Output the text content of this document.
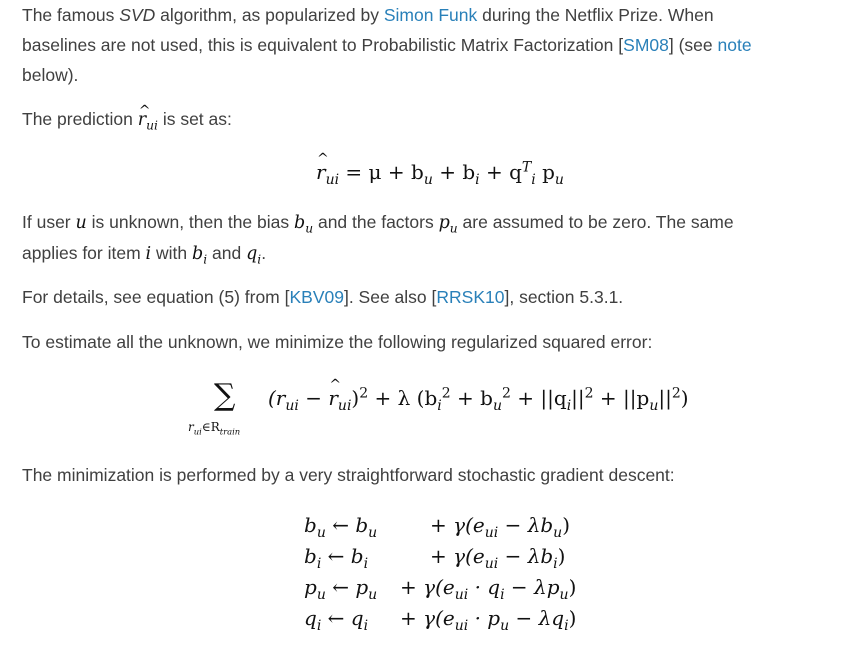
The famous SVD algorithm, as popularized by Simon Funk during the Netflix Prize. When
baselines are not used, this is equivalent to Probabilistic Matrix Factorization [SM08] (see note
below).

The prediction ^ $r_{ui}$ is set as:

^ $r_{ui} = \mu + b_u + b_i + q^T_i$ $p_u$

If user u is unknown, then the bias $b_u$ and the factors $p_u$ are assumed to be zero. The same
applies for item i with $b_i$ and $q_i$.

For details, see equation (5) from [KBV09]. See also [RRSK10], section 5.3.1.

To estimate all the unknown, we minimize the following regularized squared error:

∑
$r_{ui}\in R_{train}$
($r_{ui}$ − ^ $r_{ui})^2 + \lambda$ $(b_i^2 + b_u^2 + ||q_i||^2 + ||p_u||^2)$

The minimization is performed by a very straightforward stochastic gradient descent:

$b_u$ ← $b_u$	+ $\gamma(e_{ui} - \lambda b_u)$
$b_i$ ← $b_i$	+ $\gamma(e_{ui} - \lambda b_i)$
$p_u$ ← $p_u + \gamma(e_{ui} \cdot q_i - \lambda p_u)$
$q_i$ ← $q_i + \gamma(e_{ui} \cdot p_u - \lambda q_i)$
